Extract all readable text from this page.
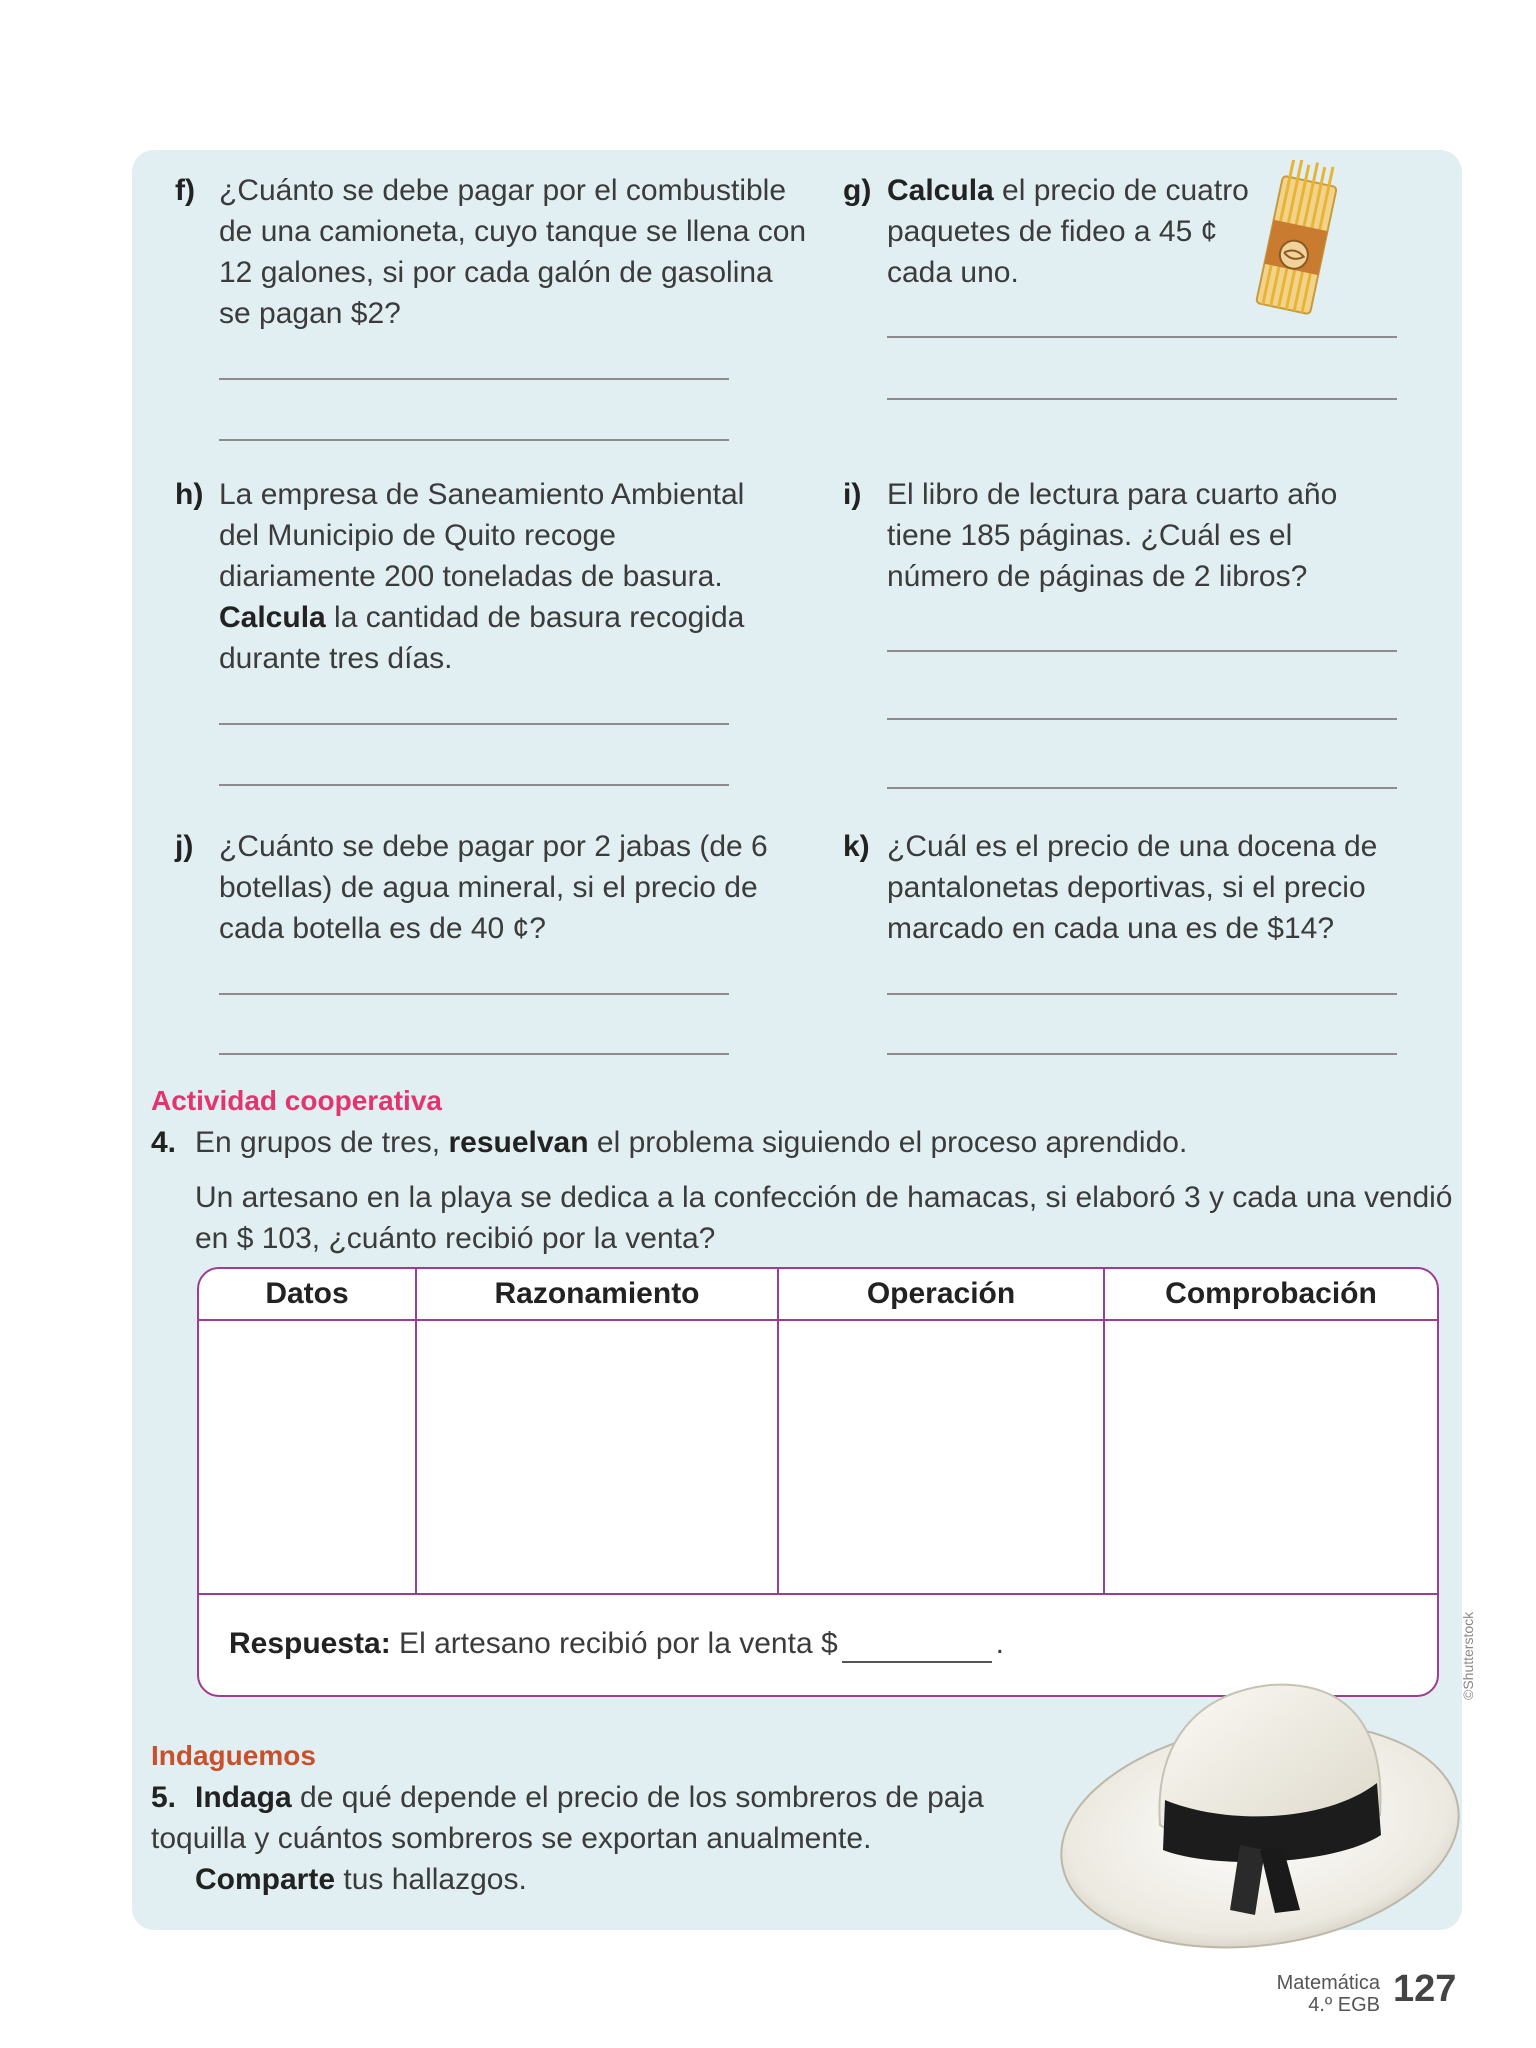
f) ¿Cuánto se debe pagar por el combustible de una camioneta, cuyo tanque se llena con 12 galones, si por cada galón de gasolina se pagan $2?
g) Calcula el precio de cuatro paquetes de fideo a 45 ¢ cada uno.
h) La empresa de Saneamiento Ambiental del Municipio de Quito recoge diariamente 200 toneladas de basura. Calcula la cantidad de basura recogida durante tres días.
i) El libro de lectura para cuarto año tiene 185 páginas. ¿Cuál es el número de páginas de 2 libros?
j) ¿Cuánto se debe pagar por 2 jabas (de 6 botellas) de agua mineral, si el precio de cada botella es de 40 ¢?
k) ¿Cuál es el precio de una docena de pantalonetas deportivas, si el precio marcado en cada una es de $14?
Actividad cooperativa
4. En grupos de tres, resuelvan el problema siguiendo el proceso aprendido.
Un artesano en la playa se dedica a la confección de hamacas, si elaboró 3 y cada una vendió en $ 103, ¿cuánto recibió por la venta?
Datos	Razonamiento	Operación	Comprobación

Respuesta: El artesano recibió por la venta $ .			
Indaguemos
5. Indaga de qué depende el precio de los sombreros de paja toquilla y cuántos sombreros se exportan anualmente.
Comparte tus hallazgos.
©Shutterstock
Matemática
4.º EGB 127
